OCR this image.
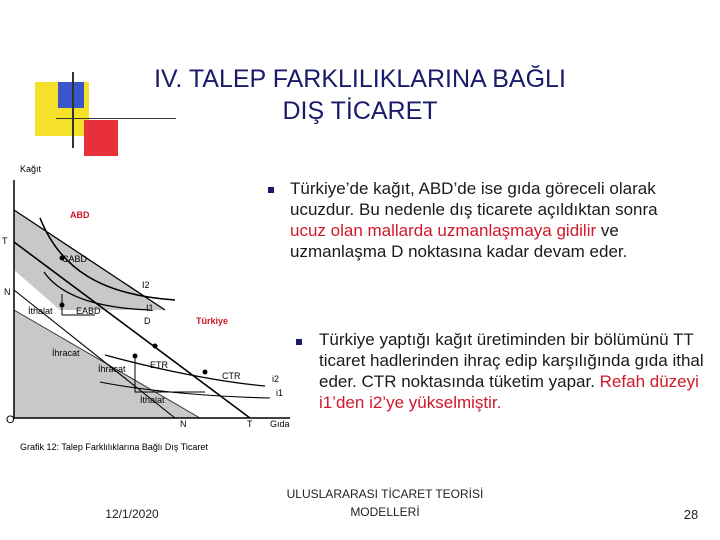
IV. TALEP FARKLILIKLARINA BAĞLI
DIŞ TİCARET
Kağıt
ABD
T
CABD
I2
N
I1
İthalat	EABD
D	Türkiye
İhracat
ETR
İhracat
CTR	i2
i1
İthalat
O	N	T Gıda
Grafik 12: Talep Farklılıklarına Bağlı Dış Ticaret
Türkiye’de kağıt, ABD’de ise gıda göreceli olarak ucuzdur. Bu nedenle dış ticarete açıldıktan sonra ucuz olan mallarda uzmanlaşmaya gidilir ve uzmanlaşma D noktasına kadar devam eder.
Türkiye yaptığı kağıt üretiminden bir bölümünü TT ticaret hadlerinden ihraç edip karşılığında gıda ithal eder. CTR noktasında tüketim yapar. Refah düzeyi i1’den i2’ye yükselmiştir.
12/1/2020
ULUSLARARASI TİCARET TEORİSİ
MODELLERİ	28
